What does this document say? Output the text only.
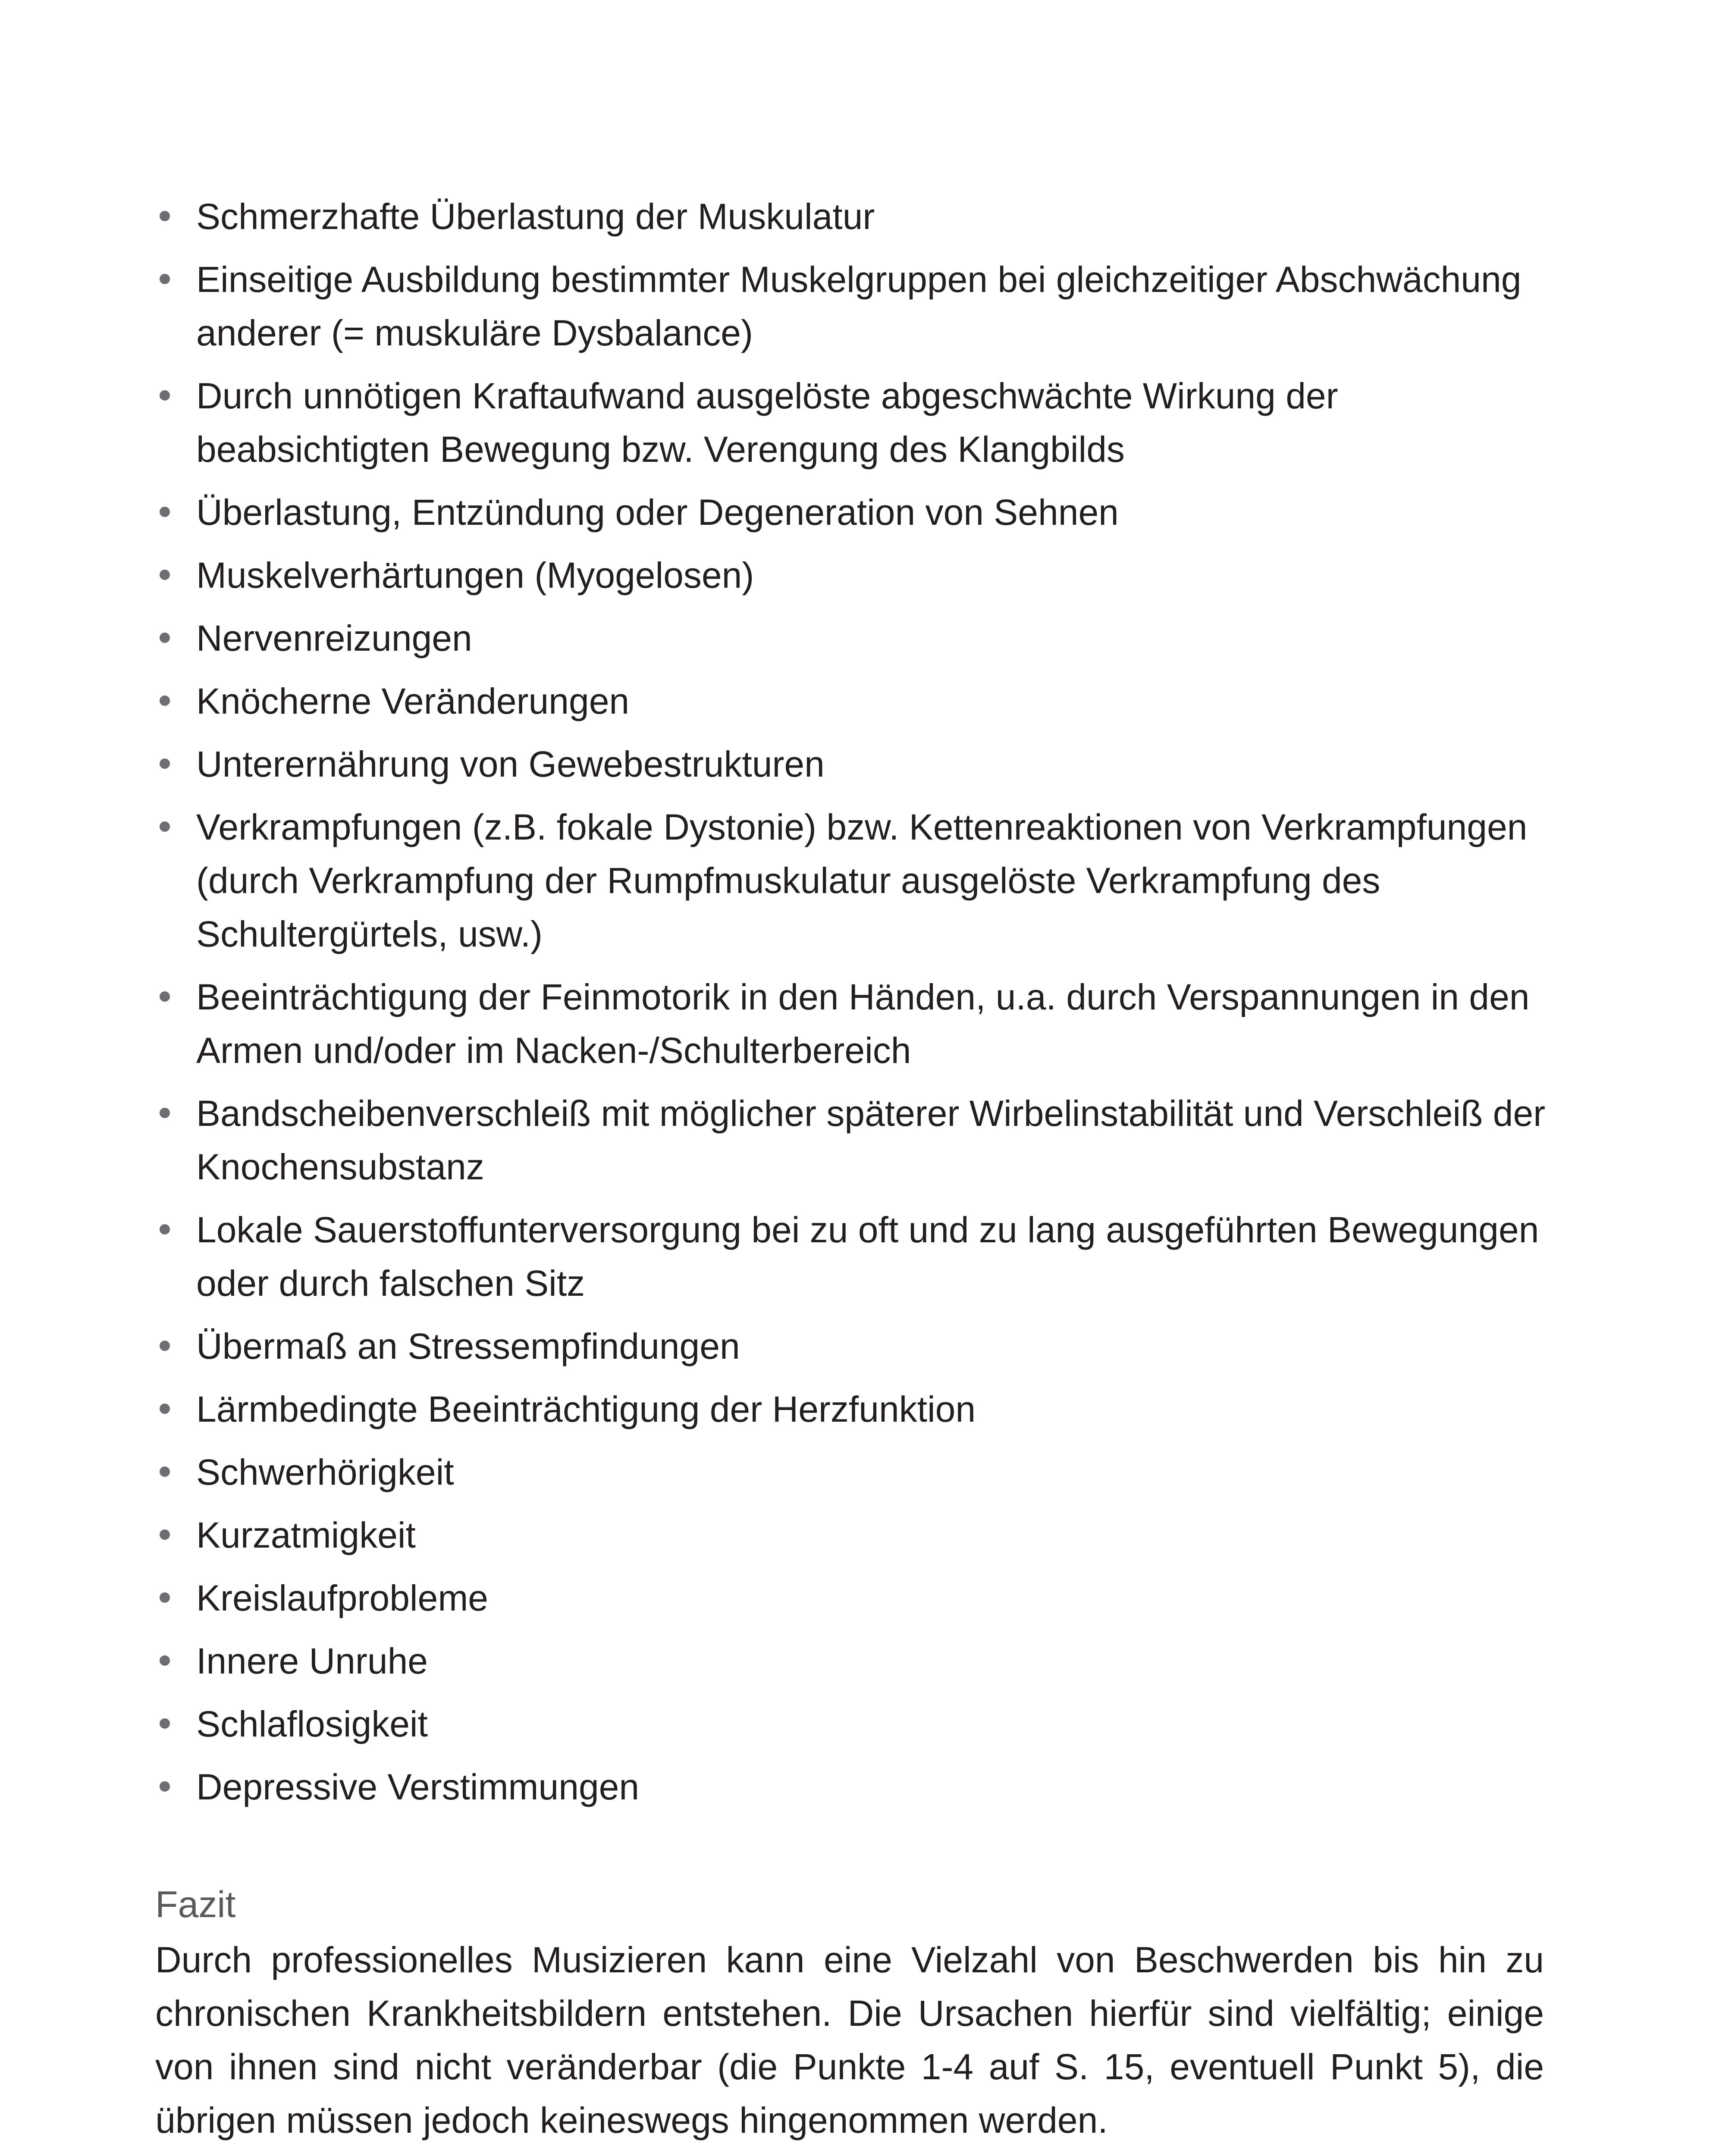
Schmerzhafte Überlastung der Muskulatur
Einseitige Ausbildung bestimmter Muskelgruppen bei gleichzeitiger Abschwächung anderer (= muskuläre Dysbalance)
Durch unnötigen Kraftaufwand ausgelöste abgeschwächte Wirkung der beabsichtigten Bewegung bzw. Verengung des Klangbilds
Überlastung, Entzündung oder Degeneration von Sehnen
Muskelverhärtungen (Myogelosen)
Nervenreizungen
Knöcherne Veränderungen
Unterernährung von Gewebestrukturen
Verkrampfungen (z.B. fokale Dystonie) bzw. Kettenreaktionen von Verkrampfungen (durch Verkrampfung der Rumpfmuskulatur ausgelöste Verkrampfung des Schultergürtels, usw.)
Beeinträchtigung der Feinmotorik in den Händen, u.a. durch Verspannungen in den Armen und/oder im Nacken-/Schulterbereich
Bandscheibenverschleiß mit möglicher späterer Wirbelinstabilität und Verschleiß der Knochensubstanz
Lokale Sauerstoffunterversorgung bei zu oft und zu lang ausgeführten Bewegungen oder durch falschen Sitz
Übermaß an Stressempfindungen
Lärmbedingte Beeinträchtigung der Herzfunktion
Schwerhörigkeit
Kurzatmigkeit
Kreislaufprobleme
Innere Unruhe
Schlaflosigkeit
Depressive Verstimmungen
Fazit

Durch professionelles Musizieren kann eine Vielzahl von Beschwerden bis hin zu chronischen Krankheitsbildern entstehen. Die Ursachen hierfür sind vielfältig; einige von ihnen sind nicht veränderbar (die Punkte 1-4 auf S. 15, eventuell Punkt 5), die übrigen müssen jedoch keineswegs hingenommen werden.
